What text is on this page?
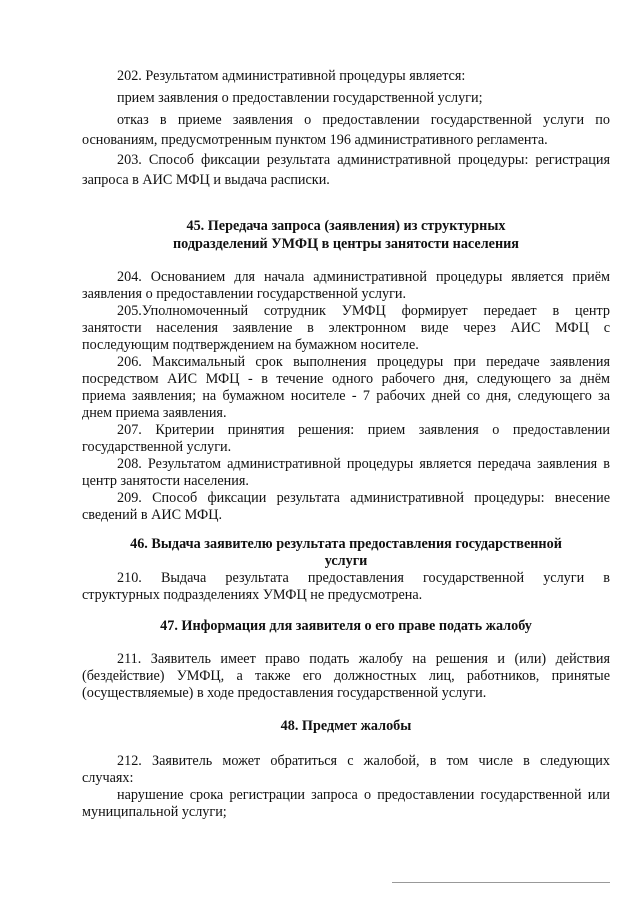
202. Результатом административной процедуры является:
прием заявления о предоставлении государственной услуги;
отказ в приеме заявления о предоставлении государственной услуги по
основаниям, предусмотренным пунктом 196 административного регламента.
203. Способ фиксации результата административной процедуры: регистрация
запроса в АИС МФЦ и выдача расписки.
45. Передача запроса (заявления) из структурных
подразделений УМФЦ в центры занятости населения
204. Основанием для начала административной процедуры является приём
заявления о предоставлении государственной услуги.
205.Уполномоченный сотрудник УМФЦ формирует передает в центр
занятости населения заявление в электронном виде через АИС МФЦ с
последующим подтверждением на бумажном носителе.
206. Максимальный срок выполнения процедуры при передаче заявления
посредством АИС МФЦ - в течение одного рабочего дня, следующего за днём
приема заявления; на бумажном носителе - 7 рабочих дней со дня, следующего за
днем приема заявления.
207. Критерии принятия решения: прием заявления о предоставлении
государственной услуги.
208. Результатом административной процедуры является передача заявления в
центр занятости населения.
209. Способ фиксации результата административной процедуры: внесение
сведений в АИС МФЦ.
46. Выдача заявителю результата предоставления государственной
услуги
210. Выдача результата предоставления государственной услуги в
структурных подразделениях УМФЦ не предусмотрена.
47. Информация для заявителя о его праве подать жалобу
211. Заявитель имеет право подать жалобу на решения и (или) действия
(бездействие) УМФЦ, а также его должностных лиц, работников, принятые
(осуществляемые) в ходе предоставления государственной услуги.
48. Предмет жалобы
212. Заявитель может обратиться с жалобой, в том числе в следующих
случаях:
нарушение срока регистрации запроса о предоставлении государственной или
муниципальной услуги;
